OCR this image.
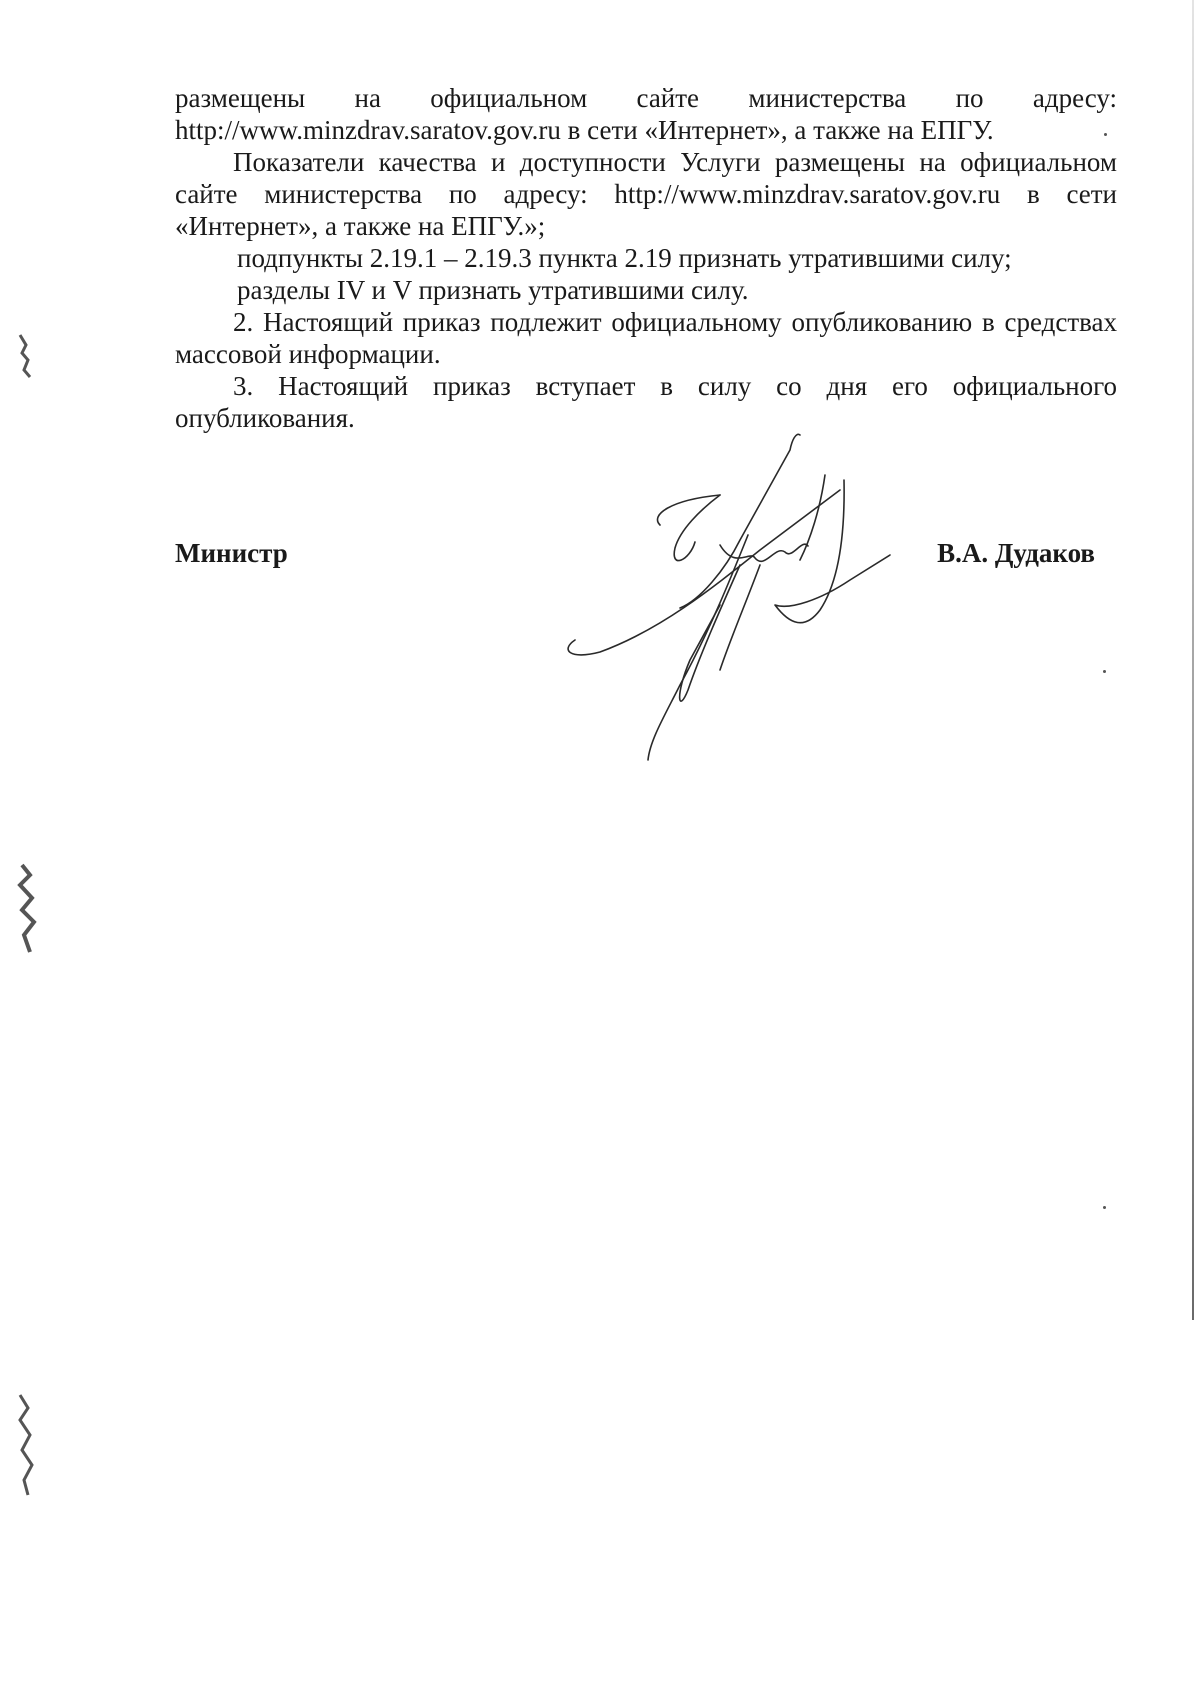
размещены на официальном сайте министерства по адресу: http://www.minzdrav.saratov.gov.ru в сети «Интернет», а также на ЕПГУ.

Показатели качества и доступности Услуги размещены на официальном сайте министерства по адресу: http://www.minzdrav.saratov.gov.ru в сети «Интернет», а также на ЕПГУ.»;

подпункты 2.19.1 – 2.19.3 пункта 2.19 признать утратившими силу;

разделы IV и V признать утратившими силу.

2. Настоящий приказ подлежит официальному опубликованию в средствах массовой информации.

3. Настоящий приказ вступает в силу со дня его официального опубликования.

Министр	В.А. Дудаков
